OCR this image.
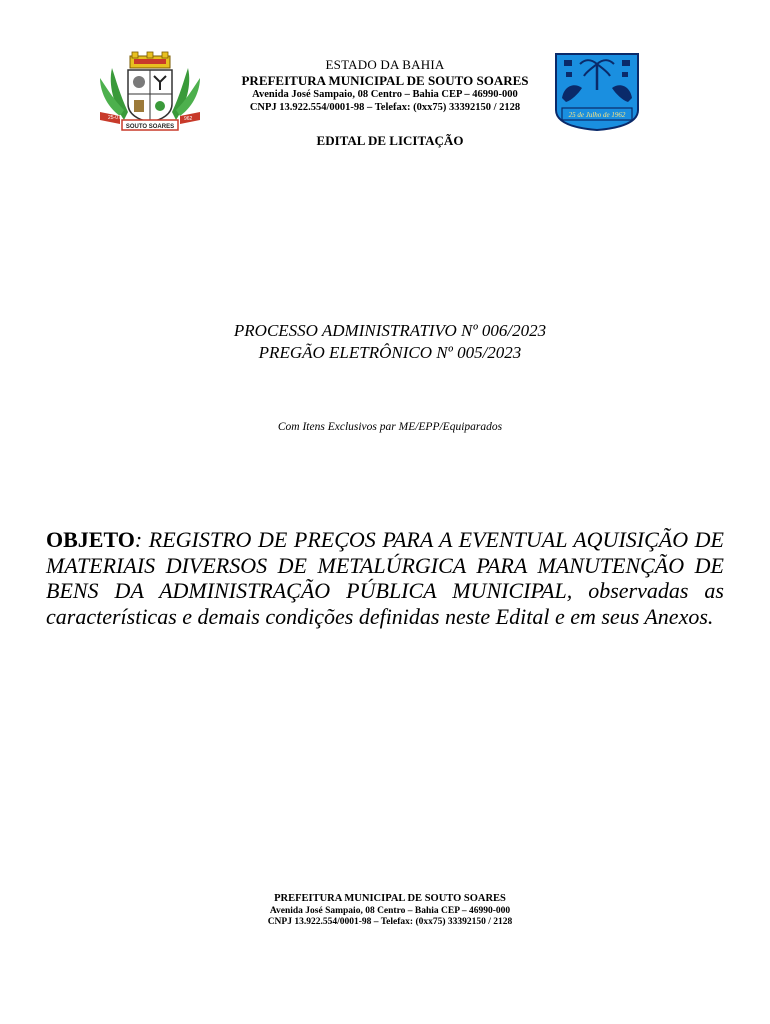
25-07	962
SOUTO SOARES
25 de Julho de 1962
ESTADO DA BAHIA
PREFEITURA MUNICIPAL DE SOUTO SOARES
Avenida José Sampaio, 08 Centro – Bahia CEP – 46990-000
CNPJ 13.922.554/0001-98 – Telefax: (0xx75) 33392150 / 2128
EDITAL DE LICITAÇÃO
PROCESSO ADMINISTRATIVO Nº 006/2023
PREGÃO ELETRÔNICO Nº 005/2023
Com Itens Exclusivos par ME/EPP/Equiparados
OBJETO: REGISTRO DE PREÇOS PARA A EVENTUAL AQUISIÇÃO DE MATERIAIS DIVERSOS DE METALÚRGICA PARA MANUTENÇÃO DE BENS DA ADMINISTRAÇÃO PÚBLICA MUNICIPAL, observadas as características e demais condições definidas neste Edital e em seus Anexos.
PREFEITURA MUNICIPAL DE SOUTO SOARES
Avenida José Sampaio, 08 Centro – Bahia CEP – 46990-000
CNPJ 13.922.554/0001-98 – Telefax: (0xx75) 33392150 / 2128
